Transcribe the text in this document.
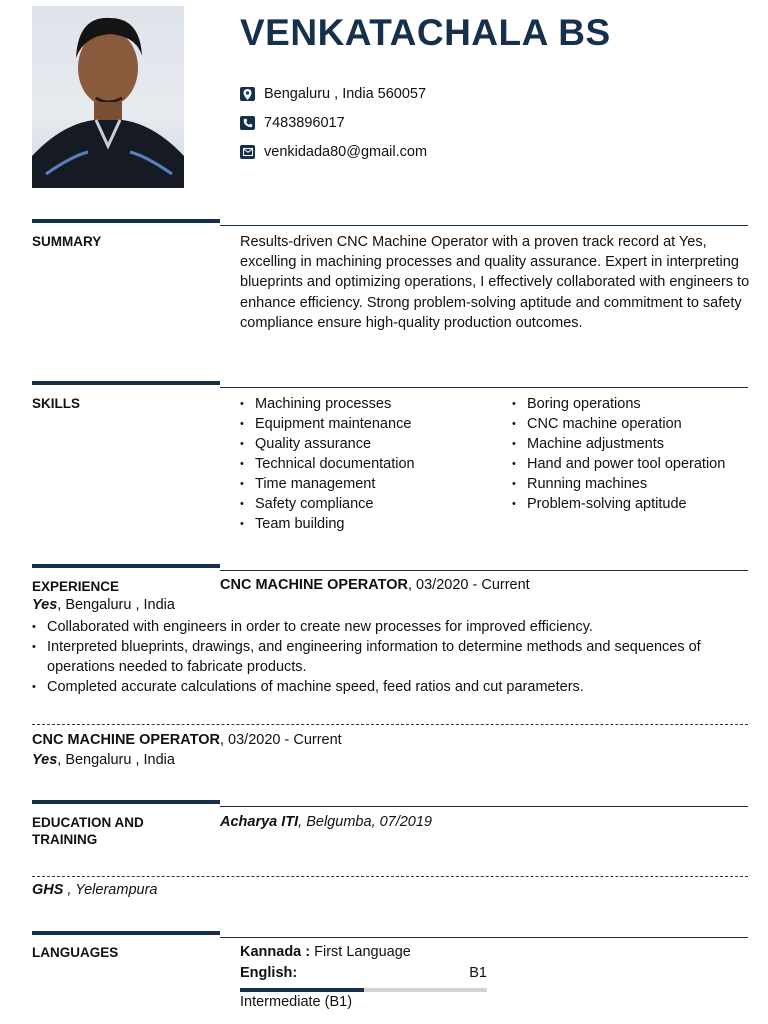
VENKATACHALA BS
Bengaluru , India 560057
7483896017
venkidada80@gmail.com
SUMMARY	Results-driven CNC Machine Operator with a proven track record at Yes, excelling in machining processes and quality assurance. Expert in interpreting blueprints and optimizing operations, I effectively collaborated with engineers to enhance efficiency. Strong problem-solving aptitude and commitment to safety compliance ensure high-quality production outcomes.
SKILLS
•	Machining processes
• Equipment maintenance
• Quality assurance
• Technical documentation
• Time management
• Safety compliance
• Team building
• Boring operations
• CNC machine operation
• Machine adjustments
• Hand and power tool operation
• Running machines
• Problem-solving aptitude
EXPERIENCE	CNC MACHINE OPERATOR, 03/2020 - Current
Yes, Bengaluru , India
• Collaborated with engineers in order to create new processes for improved efficiency.
• Interpreted blueprints, drawings, and engineering information to determine methods and sequences of operations needed to fabricate products.
• Completed accurate calculations of machine speed, feed ratios and cut parameters.
CNC MACHINE OPERATOR, 03/2020 - Current
Yes, Bengaluru , India
EDUCATION AND TRAINING
Acharya ITI, Belgumba, 07/2019
GHS , Yelerampura
LANGUAGES	Kannada : First Language
English:	B1
Intermediate (B1)
